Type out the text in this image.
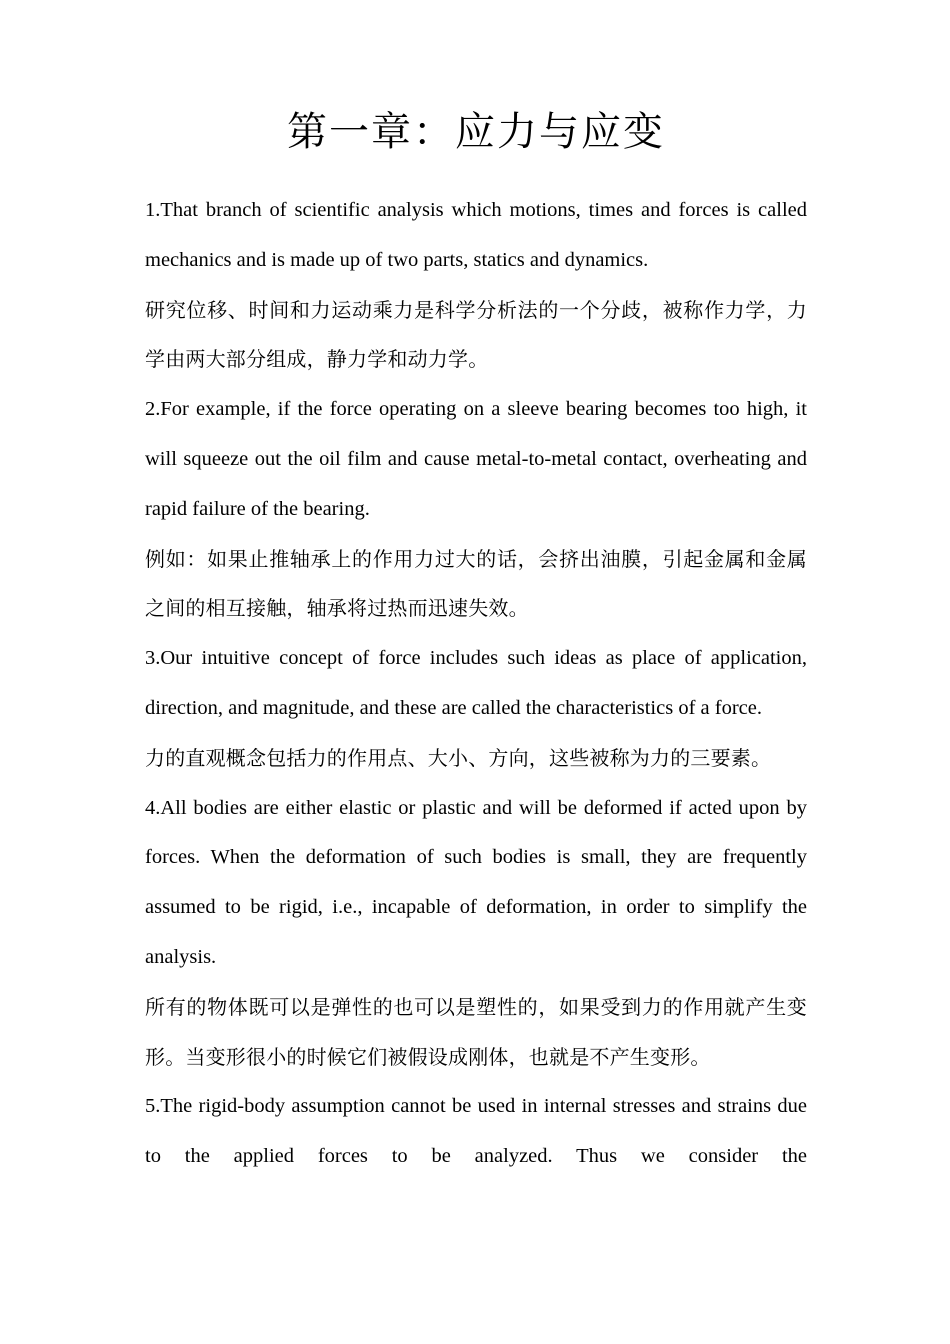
第一章：应力与应变

1.That branch of scientific analysis which motions, times and forces is called mechanics and is made up of two parts, statics and dynamics.

研究位移、时间和力运动乘力是科学分析法的一个分歧，被称作力学，力学由两大部分组成，静力学和动力学。

2.For example, if the force operating on a sleeve bearing becomes too high, it will squeeze out the oil film and cause metal-to-metal contact, overheating and rapid failure of the bearing.

例如：如果止推轴承上的作用力过大的话，会挤出油膜，引起金属和金属之间的相互接触，轴承将过热而迅速失效。

3.Our intuitive concept of force includes such ideas as place of application, direction, and magnitude, and these are called the characteristics of a force.

力的直观概念包括力的作用点、大小、方向，这些被称为力的三要素。

4.All bodies are either elastic or plastic and will be deformed if acted upon by forces. When the deformation of such bodies is small, they are frequently assumed to be rigid, i.e., incapable of deformation, in order to simplify the analysis.

所有的物体既可以是弹性的也可以是塑性的，如果受到力的作用就产生变形。当变形很小的时候它们被假设成刚体，也就是不产生变形。

5.The rigid-body assumption cannot be used in internal stresses and strains due to the applied forces to be analyzed. Thus we consider the
